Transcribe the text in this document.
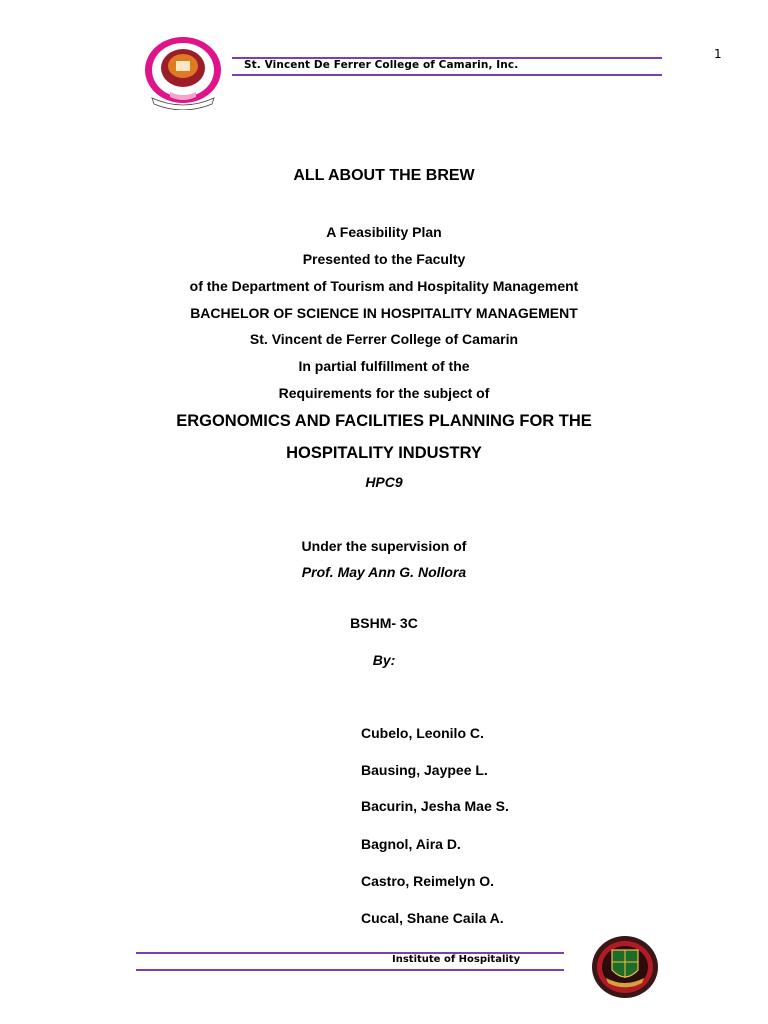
1
St. Vincent De Ferrer College of Camarin, Inc.
ALL ABOUT THE BREW
A Feasibility Plan
Presented to the Faculty
of the Department of Tourism and Hospitality Management
BACHELOR OF SCIENCE IN HOSPITALITY MANAGEMENT
St. Vincent de Ferrer College of Camarin
In partial fulfillment of the
Requirements for the subject of
ERGONOMICS AND FACILITIES PLANNING FOR THE
HOSPITALITY INDUSTRY
HPC9
Under the supervision of
Prof. May Ann G. Nollora
BSHM- 3C
By:
Cubelo, Leonilo C.
Bausing, Jaypee L.
Bacurin, Jesha Mae S.
Bagnol, Aira D.
Castro, Reimelyn O.
Cucal, Shane Caila A.
Institute of Hospitality
